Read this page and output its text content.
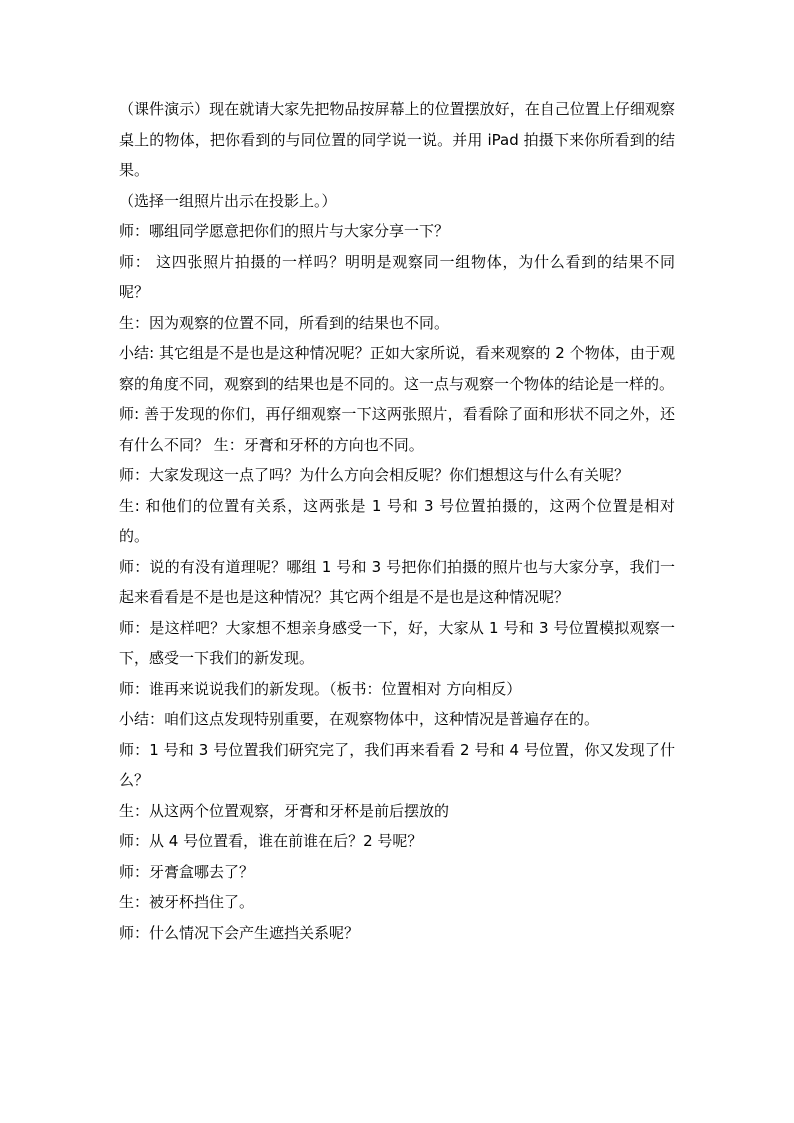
（课件演示）现在就请大家先把物品按屏幕上的位置摆放好，在自己位置上仔细观察桌上的物体，把你看到的与同位置的同学说一说。并用 iPad 拍摄下来你所看到的结果。

（选择一组照片出示在投影上。）

师：哪组同学愿意把你们的照片与大家分享一下？

师： 这四张照片拍摄的一样吗？明明是观察同一组物体，为什么看到的结果不同呢？

生：因为观察的位置不同，所看到的结果也不同。

小结: 其它组是不是也是这种情况呢？正如大家所说，看来观察的 2 个物体，由于观察的角度不同，观察到的结果也是不同的。这一点与观察一个物体的结论是一样的。

师: 善于发现的你们，再仔细观察一下这两张照片，看看除了面和形状不同之外，还有什么不同？ 生：牙膏和牙杯的方向也不同。

师：大家发现这一点了吗？为什么方向会相反呢？你们想想这与什么有关呢？

生: 和他们的位置有关系，这两张是 1 号和 3 号位置拍摄的，这两个位置是相对的。

师：说的有没有道理呢？哪组 1 号和 3 号把你们拍摄的照片也与大家分享，我们一起来看看是不是也是这种情况？其它两个组是不是也是这种情况呢？

师：是这样吧？大家想不想亲身感受一下，好，大家从 1 号和 3 号位置模拟观察一下，感受一下我们的新发现。

师：谁再来说说我们的新发现。（板书：位置相对 方向相反）

小结：咱们这点发现特别重要，在观察物体中，这种情况是普遍存在的。

师：1 号和 3 号位置我们研究完了，我们再来看看 2 号和 4 号位置，你又发现了什么？

生：从这两个位置观察，牙膏和牙杯是前后摆放的

师：从 4 号位置看，谁在前谁在后？2 号呢？

师：牙膏盒哪去了？

生：被牙杯挡住了。

师：什么情况下会产生遮挡关系呢？
